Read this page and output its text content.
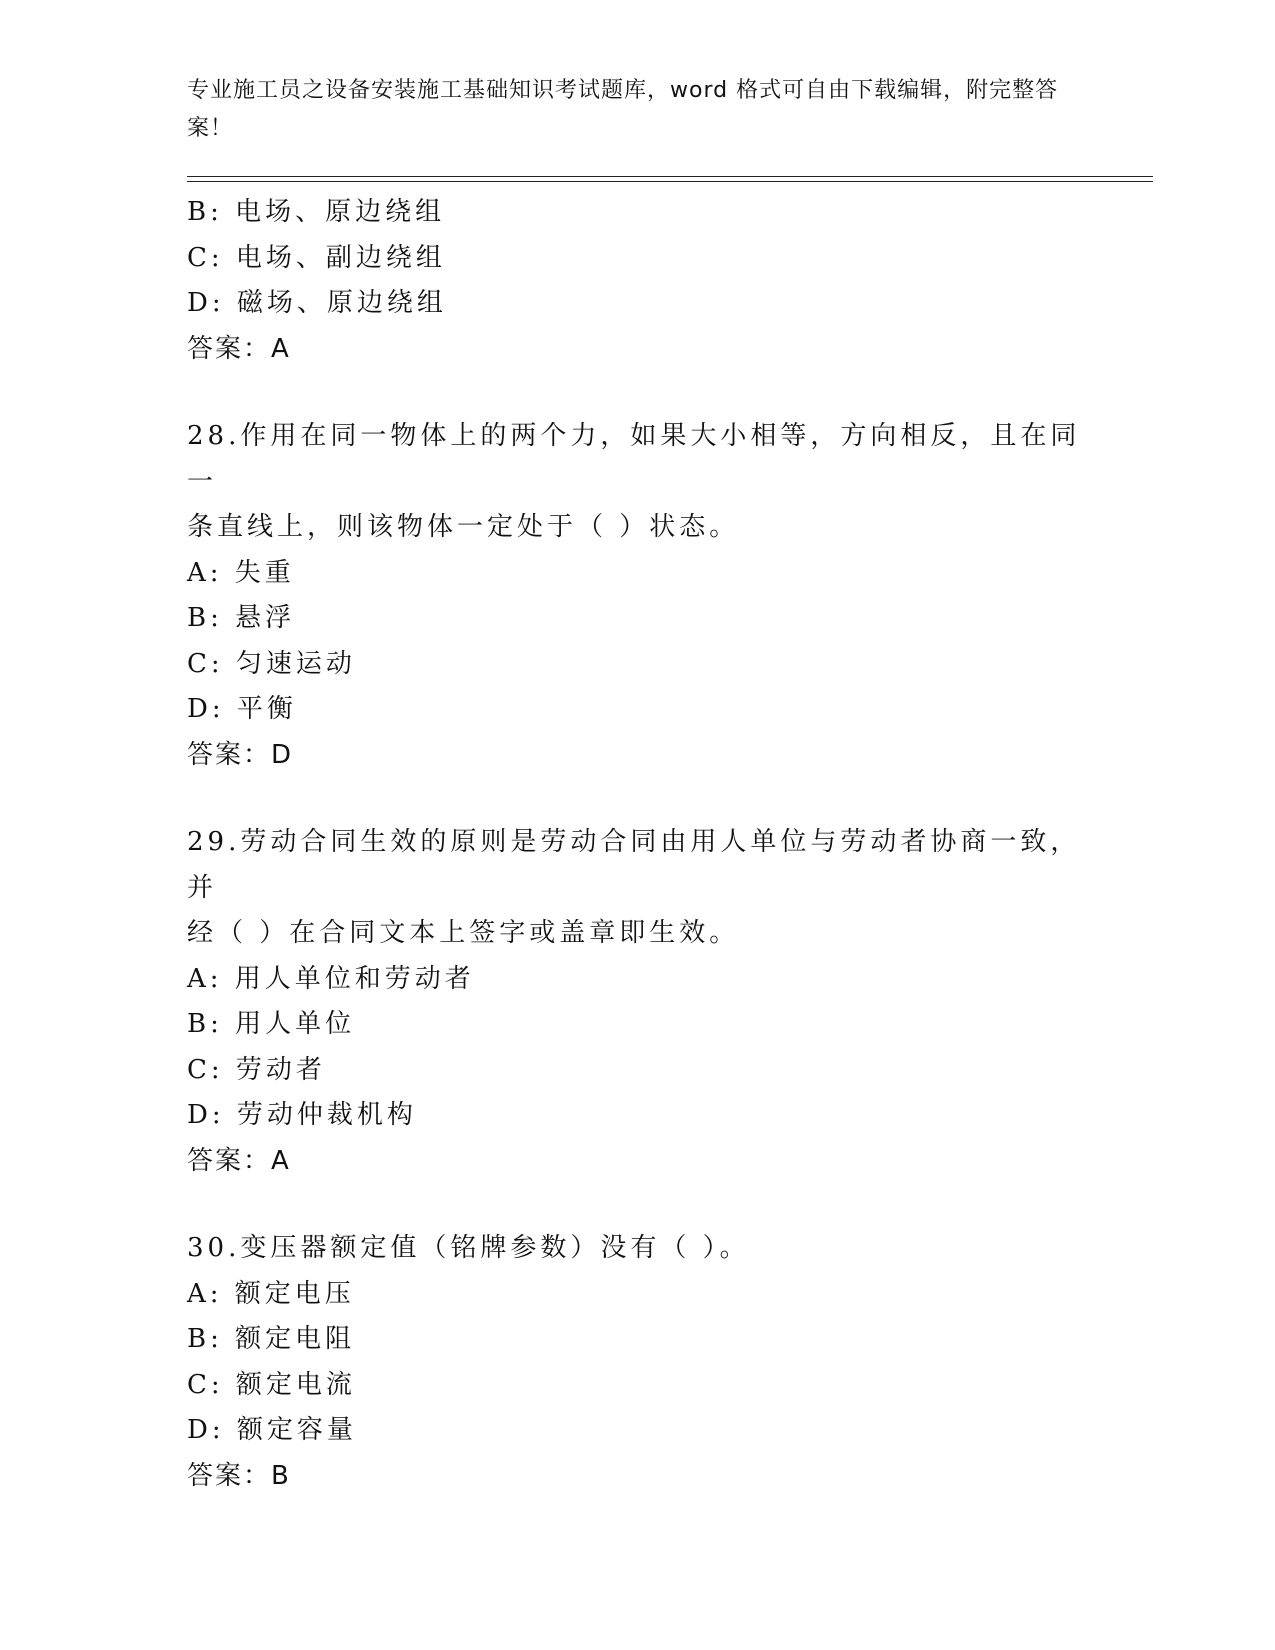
专业施工员之设备安装施工基础知识考试题库，word 格式可自由下载编辑，附完整答案！
B: 电场、原边绕组
C: 电场、副边绕组
D: 磁场、原边绕组
答案：A
28.作用在同一物体上的两个力，如果大小相等，方向相反，且在同一
条直线上，则该物体一定处于（ ）状态。
A: 失重
B: 悬浮
C: 匀速运动
D: 平衡
答案：D
29.劳动合同生效的原则是劳动合同由用人单位与劳动者协商一致，并
经（ ）在合同文本上签字或盖章即生效。
A: 用人单位和劳动者
B: 用人单位
C: 劳动者
D: 劳动仲裁机构
答案：A
30.变压器额定值（铭牌参数）没有（ ）。
A: 额定电压
B: 额定电阻
C: 额定电流
D: 额定容量
答案：B
